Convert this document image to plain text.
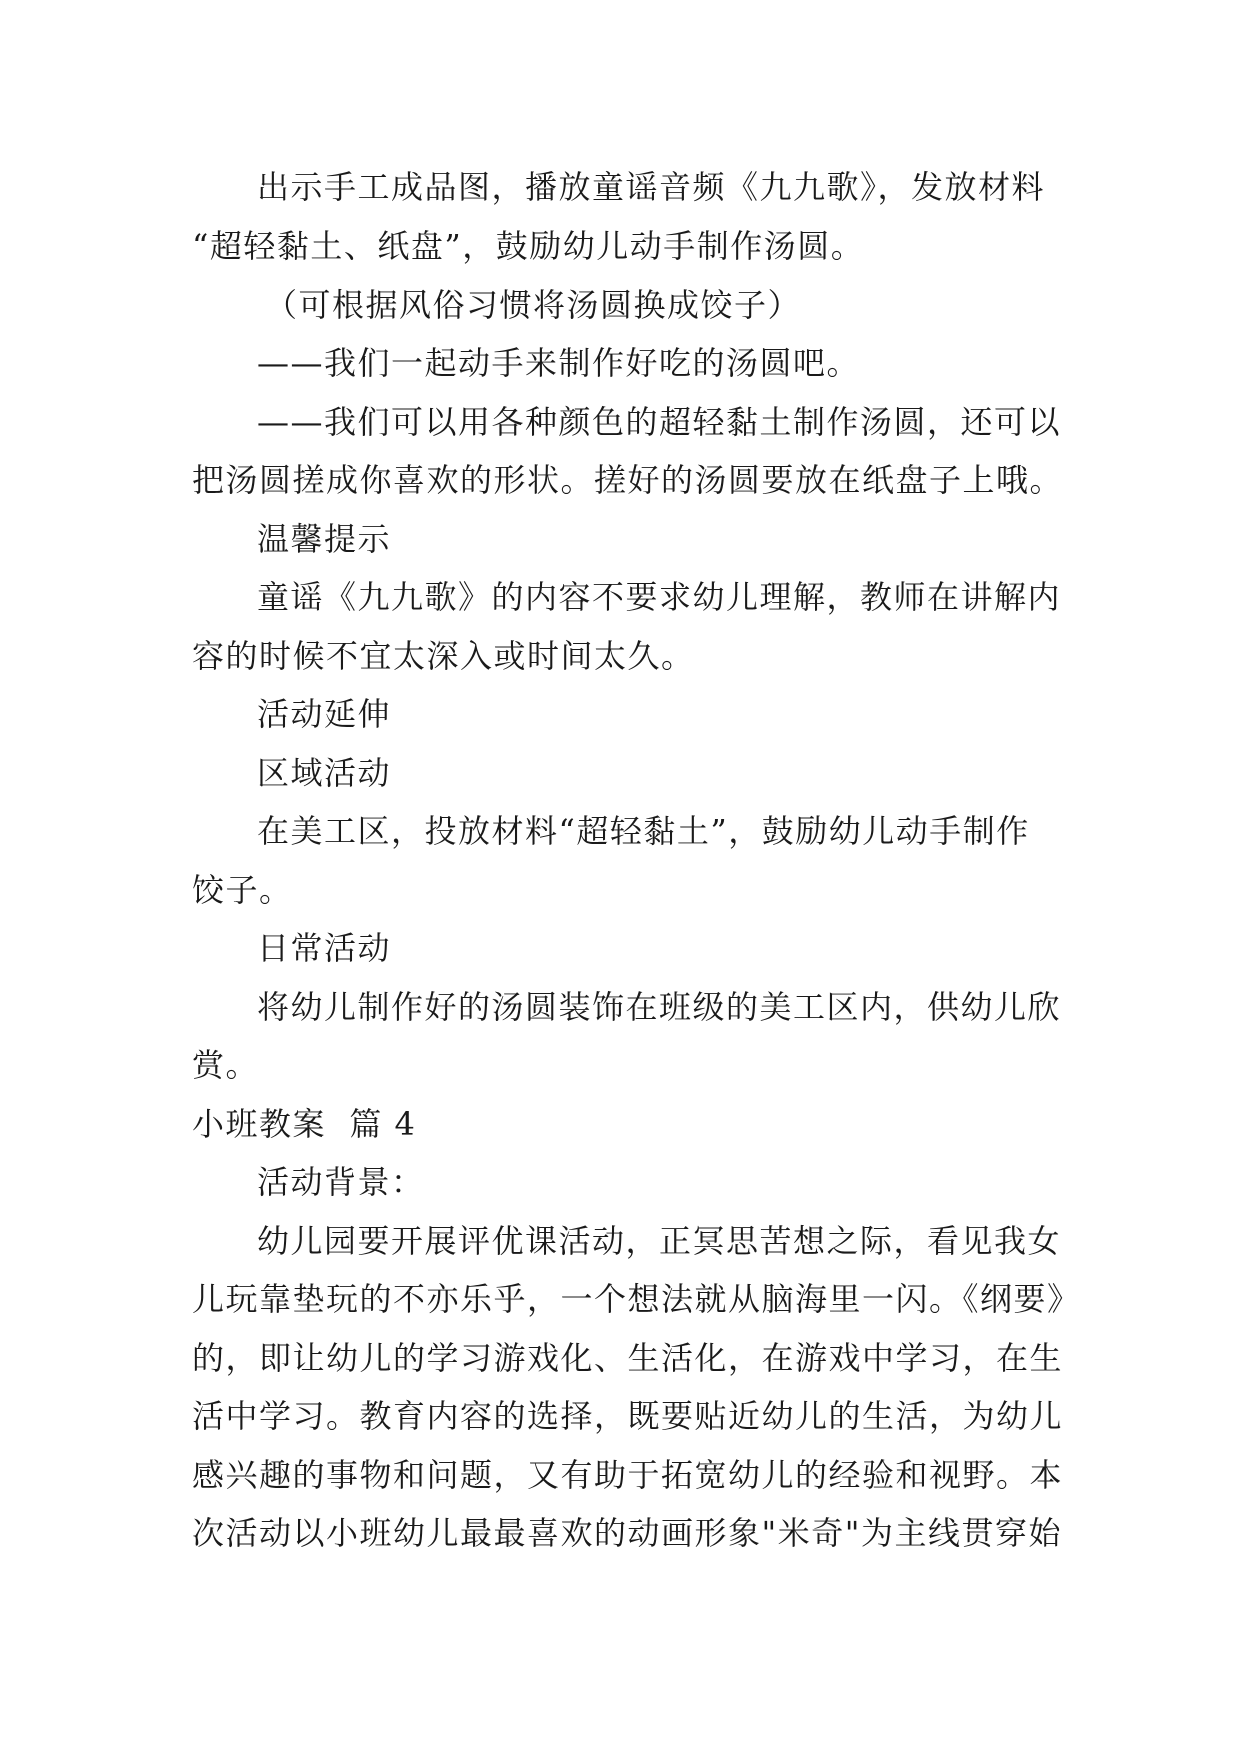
出示手工成品图，播放童谣音频《九九歌》，发放材料
“超轻黏土、纸盘”，鼓励幼儿动手制作汤圆。
（可根据风俗习惯将汤圆换成饺子）
——我们一起动手来制作好吃的汤圆吧。
——我们可以用各种颜色的超轻黏土制作汤圆，还可以
把汤圆搓成你喜欢的形状。搓好的汤圆要放在纸盘子上哦。
温馨提示
童谣《九九歌》的内容不要求幼儿理解，教师在讲解内
容的时候不宜太深入或时间太久。
活动延伸
区域活动
在美工区，投放材料“超轻黏土”，鼓励幼儿动手制作
饺子。
日常活动
将幼儿制作好的汤圆装饰在班级的美工区内，供幼儿欣
赏。
小班教案  篇 4
活动背景：
幼儿园要开展评优课活动，正冥思苦想之际，看见我女
儿玩靠垫玩的不亦乐乎，一个想法就从脑海里一闪。《纲要》
的，即让幼儿的学习游戏化、生活化，在游戏中学习，在生
活中学习。教育内容的选择，既要贴近幼儿的生活，为幼儿
感兴趣的事物和问题，又有助于拓宽幼儿的经验和视野。本
次活动以小班幼儿最最喜欢的动画形象"米奇"为主线贯穿始
